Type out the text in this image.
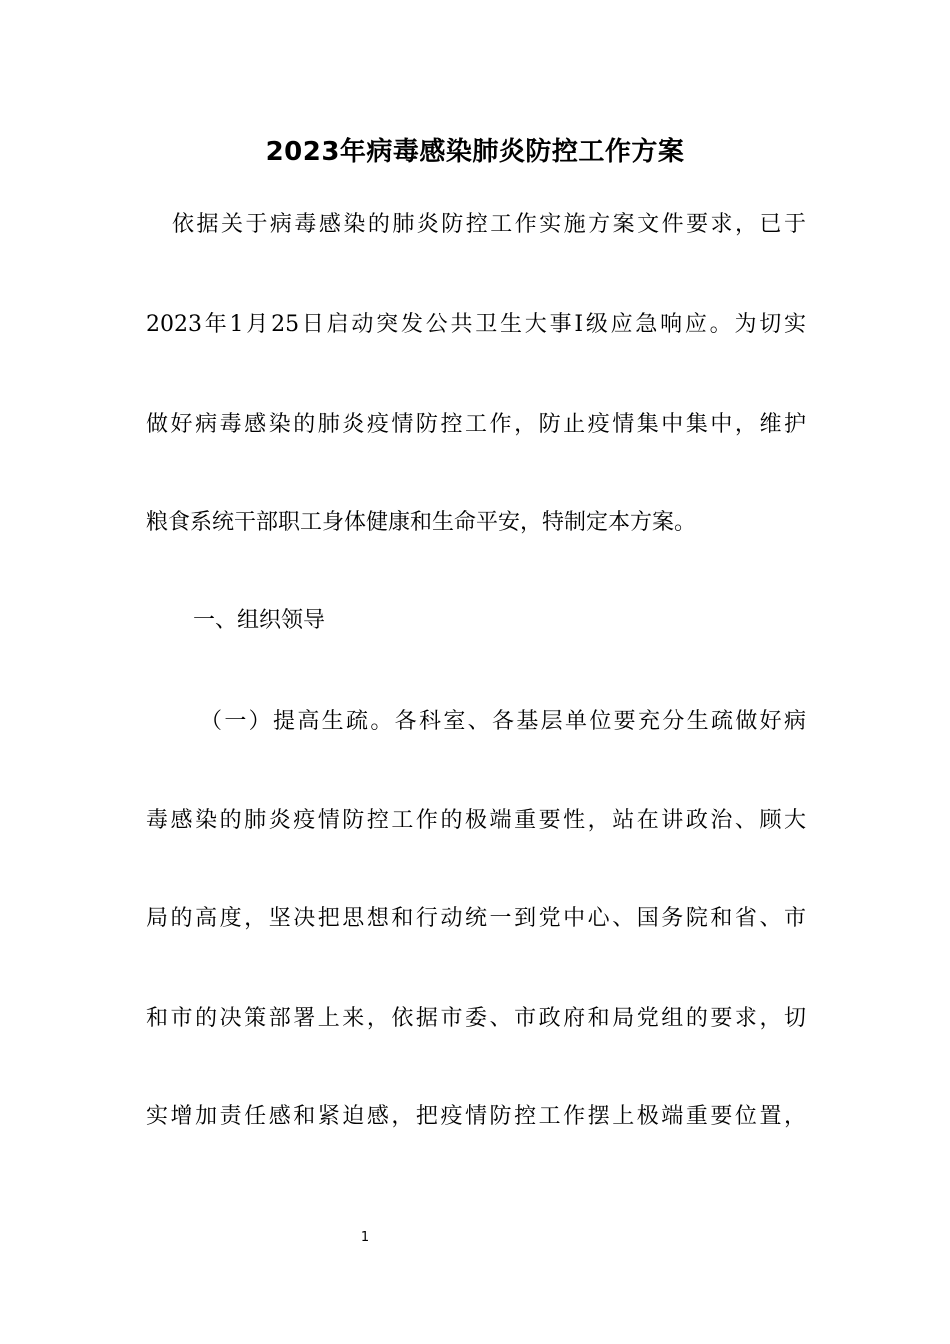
2023年病毒感染肺炎防控工作方案
依据关于病毒感染的肺炎防控工作实施方案文件要求，已于
2023年1月25日启动突发公共卫生大事Ⅰ级应急响应。为切实
做好病毒感染的肺炎疫情防控工作，防止疫情集中集中，维护
粮食系统干部职工身体健康和生命平安，特制定本方案。
一、组织领导
（一）提高生疏。各科室、各基层单位要充分生疏做好病
毒感染的肺炎疫情防控工作的极端重要性，站在讲政治、顾大
局的高度，坚决把思想和行动统一到党中心、国务院和省、市
和市的决策部署上来，依据市委、市政府和局党组的要求，切
实增加责任感和紧迫感，把疫情防控工作摆上极端重要位置，
1
